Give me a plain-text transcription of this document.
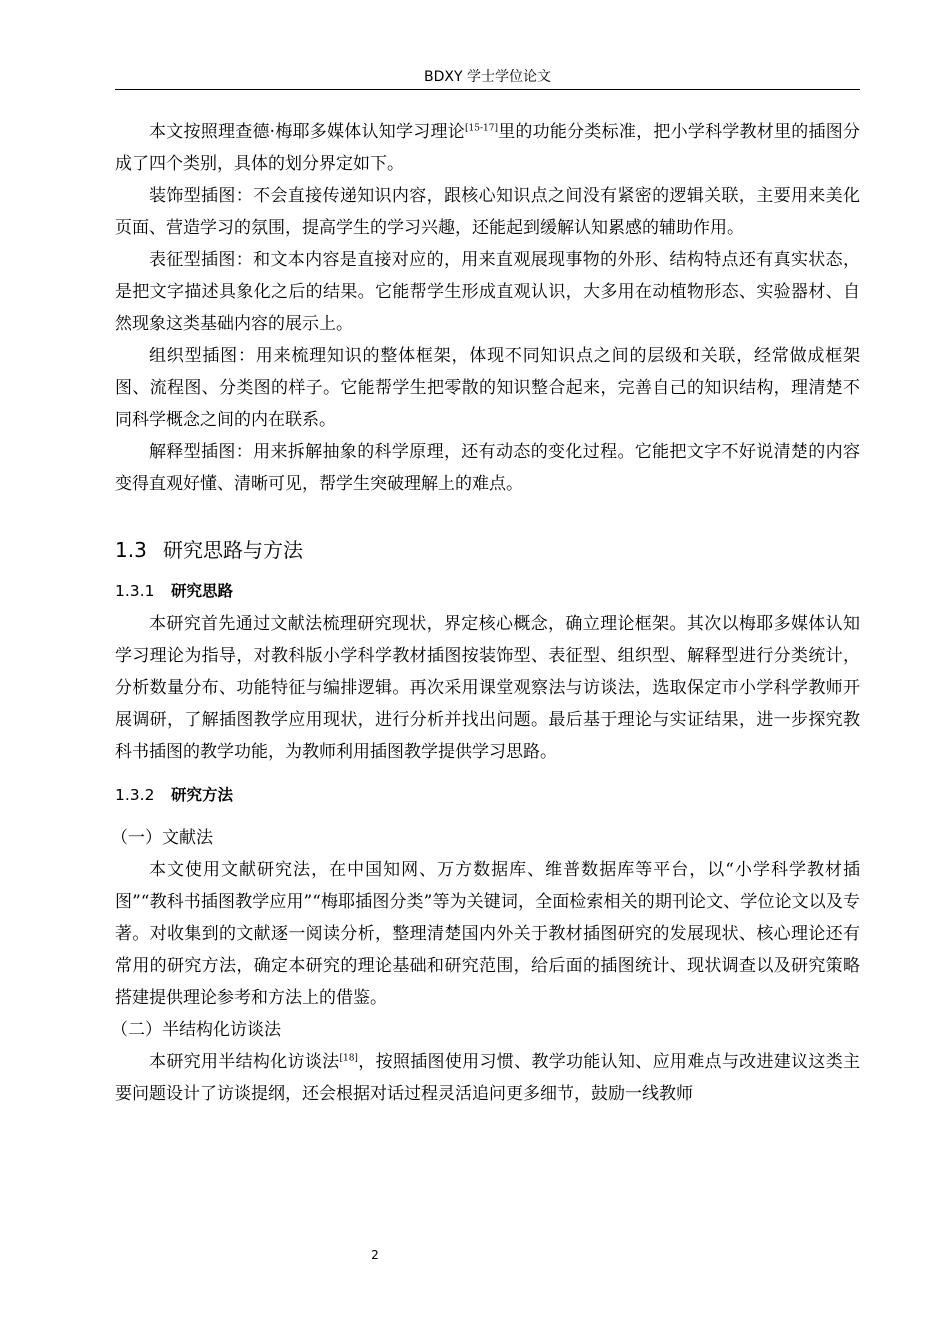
BDXY 学士学位论文

本文按照理查德·梅耶多媒体认知学习理论[15-17]里的功能分类标准，把小学科学教材里的插图分成了四个类别，具体的划分界定如下。

装饰型插图：不会直接传递知识内容，跟核心知识点之间没有紧密的逻辑关联，主要用来美化页面、营造学习的氛围，提高学生的学习兴趣，还能起到缓解认知累感的辅助作用。

表征型插图：和文本内容是直接对应的，用来直观展现事物的外形、结构特点还有真实状态，是把文字描述具象化之后的结果。它能帮学生形成直观认识，大多用在动植物形态、实验器材、自然现象这类基础内容的展示上。

组织型插图：用来梳理知识的整体框架，体现不同知识点之间的层级和关联，经常做成框架图、流程图、分类图的样子。它能帮学生把零散的知识整合起来，完善自己的知识结构，理清楚不同科学概念之间的内在联系。

解释型插图：用来拆解抽象的科学原理，还有动态的变化过程。它能把文字不好说清楚的内容变得直观好懂、清晰可见，帮学生突破理解上的难点。

1.3 研究思路与方法
1.3.1 研究思路

本研究首先通过文献法梳理研究现状，界定核心概念，确立理论框架。其次以梅耶多媒体认知学习理论为指导，对教科版小学科学教材插图按装饰型、表征型、组织型、解释型进行分类统计，分析数量分布、功能特征与编排逻辑。再次采用课堂观察法与访谈法，选取保定市小学科学教师开展调研，了解插图教学应用现状，进行分析并找出问题。最后基于理论与实证结果，进一步探究教科书插图的教学功能，为教师利用插图教学提供学习思路。

1.3.2 研究方法
（一）文献法

本文使用文献研究法，在中国知网、万方数据库、维普数据库等平台，以“小学科学教材插图”“教科书插图教学应用”“梅耶插图分类”等为关键词，全面检索相关的期刊论文、学位论文以及专著。对收集到的文献逐一阅读分析，整理清楚国内外关于教材插图研究的发展现状、核心理论还有常用的研究方法，确定本研究的理论基础和研究范围，给后面的插图统计、现状调查以及研究策略搭建提供理论参考和方法上的借鉴。

（二）半结构化访谈法

本研究用半结构化访谈法[18]，按照插图使用习惯、教学功能认知、应用难点与改进建议这类主要问题设计了访谈提纲，还会根据对话过程灵活追问更多细节，鼓励一线教师

2
